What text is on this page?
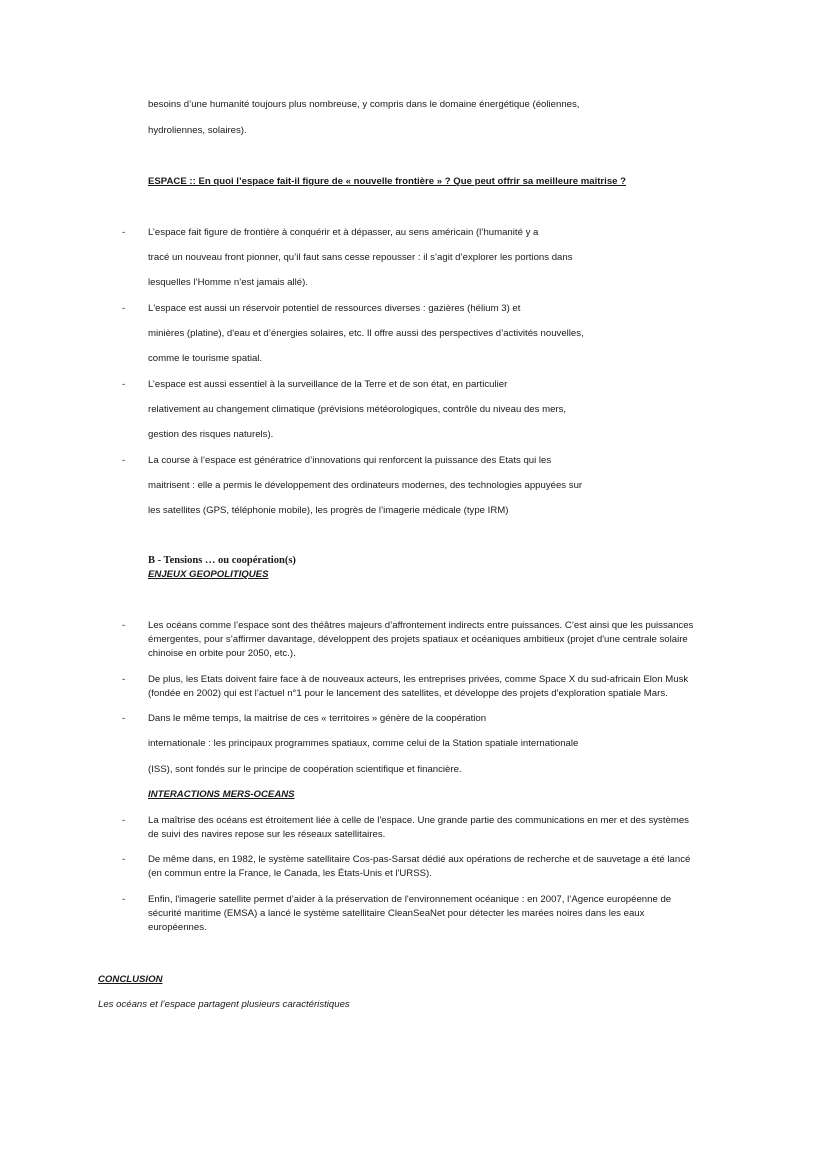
besoins d’une humanité toujours plus nombreuse, y compris dans le domaine énergétique (éoliennes,
hydroliennes, solaires).
ESPACE :: En quoi l’espace fait-il figure de « nouvelle frontière » ? Que peut offrir sa meilleure maitrise ?
- L’espace fait figure de frontière à conquérir et à dépasser, au sens américain (l’humanité y a
tracé un nouveau front pionner, qu’il faut sans cesse repousser : il s’agit d’explorer les portions dans
lesquelles l’Homme n’est jamais allé).
- L'espace est aussi un réservoir potentiel de ressources diverses : gazières (hélium 3) et
minières (platine), d'eau et d’énergies solaires, etc. Il offre aussi des perspectives d’activités nouvelles,
comme le tourisme spatial.
- L’espace est aussi essentiel à la surveillance de la Terre et de son état, en particulier
relativement au changement climatique (prévisions météorologiques, contrôle du niveau des mers,
gestion des risques naturels).
- La course à l’espace est génératrice d’innovations qui renforcent la puissance des Etats qui les
maitrisent : elle a permis le développement des ordinateurs modernes, des technologies appuyées sur
les satellites (GPS, téléphonie mobile), les progrès de l’imagerie médicale (type IRM)
B - Tensions … ou coopération(s)
ENJEUX GEOPOLITIQUES
- Les océans comme l’espace sont des théâtres majeurs d’affrontement indirects entre puissances. C’est ainsi que les puissances
émergentes, pour s’affirmer davantage, développent des projets spatiaux et océaniques ambitieux (projet d'une centrale solaire
chinoise en orbite pour 2050, etc.).
- De plus, les Etats doivent faire face à de nouveaux acteurs, les entreprises privées, comme Space X du sud-africain Elon Musk
(fondée en 2002) qui est l’actuel n°1 pour le lancement des satellites, et développe des projets d'exploration spatiale Mars.
- Dans le même temps, la maitrise de ces « territoires » génère de la coopération
internationale : les principaux programmes spatiaux, comme celui de la Station spatiale internationale
(ISS), sont fondés sur le principe de coopération scientifique et financière.
INTERACTIONS MERS-OCEANS
- La maîtrise des océans est étroitement liée à celle de l'espace. Une grande partie des communications en mer et des systèmes
de suivi des navires repose sur les réseaux satellitaires.
- De même dans, en 1982, le système satellitaire Cos-pas-Sarsat dédié aux opérations de recherche et de sauvetage a été lancé
(en commun entre la France, le Canada, les États-Unis et l'URSS).
- Enfin, l'imagerie satellite permet d’aider à la préservation de l'environnement océanique : en 2007, l’Agence européenne de
sécurité maritime (EMSA) a lancé le système satellitaire CleanSeaNet pour détecter les marées noires dans les eaux
européennes.
CONCLUSION
Les océans et l’espace partagent plusieurs caractéristiques
